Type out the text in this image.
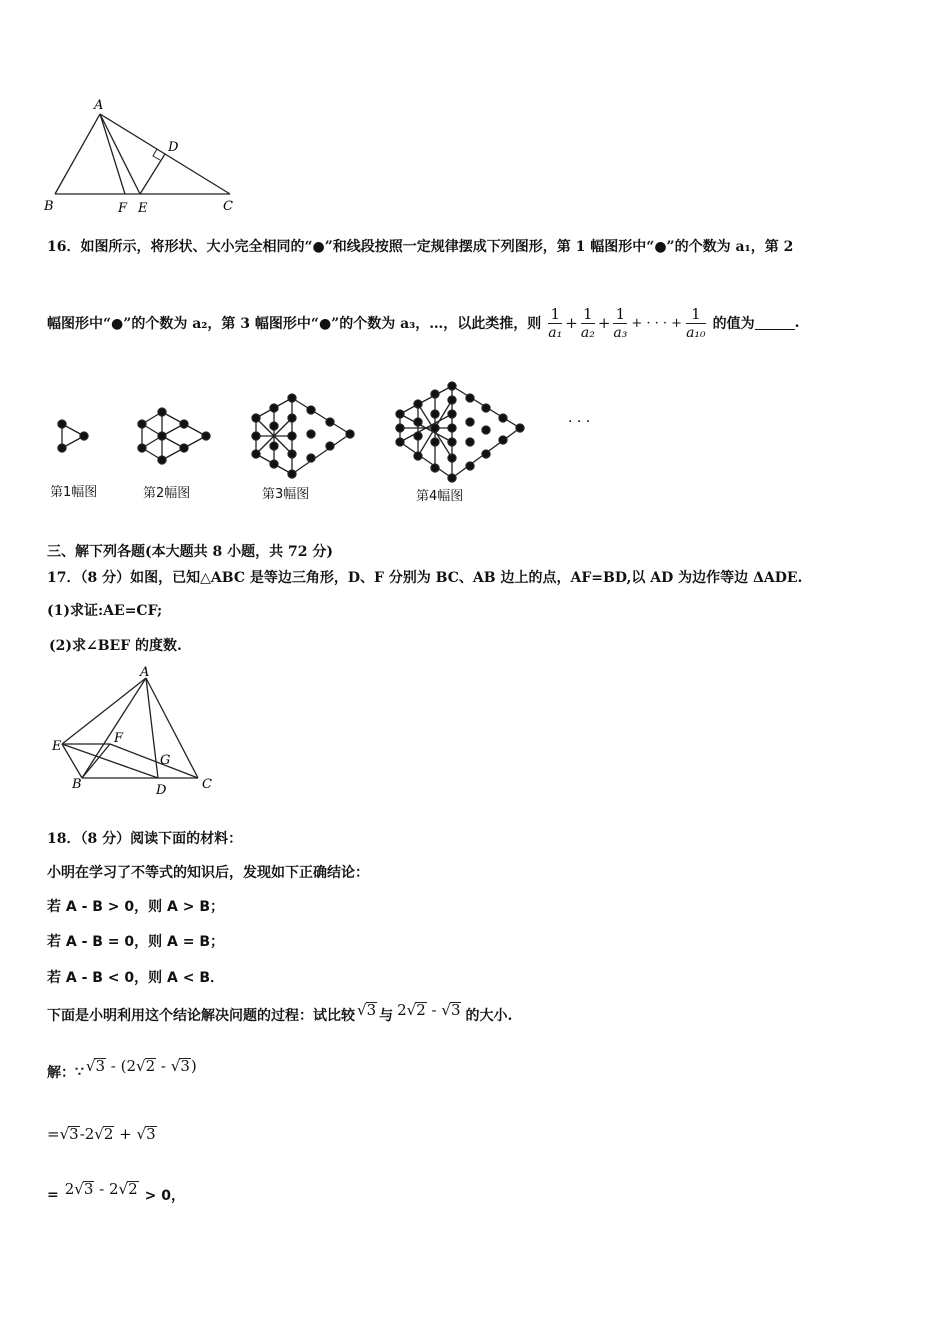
A
D
B	F E	C
16．如图所示，将形状、大小完全相同的“●”和线段按照一定规律摆成下列图形，第 1 幅图形中“●”的个数为 a₁，第 2
幅图形中“●”的个数为 a₂，第 3 幅图形中“●”的个数为 a₃，…，以此类推，则 $\frac{1}{\text{a₁}} + \frac{1}{\text{a₂}} + \frac{1}{\text{a₃}}$ + · · · + $\frac{1}{\text{a₁₀}}$ 的值为	.
· · ·
第1幅图	第2幅图	第3幅图	第4幅图
三、解下列各题(本大题共 8 小题，共 72 分)
17．（8 分）如图，已知△ABC 是等边三角形，D、F 分别为 BC、AB 边上的点，AF=BD,以 AD 为边作等边 ΔADE.
(1)求证:AE=CF;
(2)求∠BEF 的度数.
A
E
F
G
B	D	C
18．（8 分）阅读下面的材料：
小明在学习了不等式的知识后，发现如下正确结论：
若 A - B > 0，则 A > B；
若 A - B = 0，则 A = B；
若 A - B < 0，则 A < B．
下面是小明利用这个结论解决问题的过程：试比较 √3 与 2√2 - √3 的大小.
解： ∵ √3 - (2√2 - √3)
=√3-2√2 + √3
= 2√3 - 2√2 > 0，
